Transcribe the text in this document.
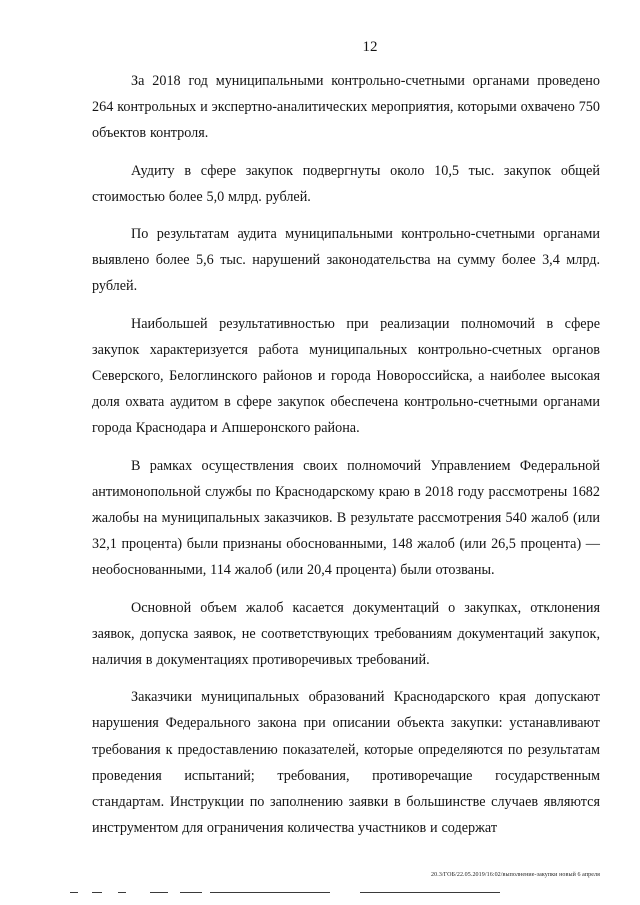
12

За 2018 год муниципальными контрольно-счетными органами проведено 264 контрольных и экспертно-аналитических мероприятия, которыми охвачено 750 объектов контроля.

Аудиту в сфере закупок подвергнуты около 10,5 тыс. закупок общей стоимостью более 5,0 млрд. рублей.

По результатам аудита муниципальными контрольно-счетными органами выявлено более 5,6 тыс. нарушений законодательства на сумму более 3,4 млрд. рублей.

Наибольшей результативностью при реализации полномочий в сфере закупок характеризуется работа муниципальных контрольно-счетных органов Северского, Белоглинского районов и города Новороссийска, а наиболее высокая доля охвата аудитом в сфере закупок обеспечена контрольно-счетными органами города Краснодара и Апшеронского района.

В рамках осуществления своих полномочий Управлением Федеральной антимонопольной службы по Краснодарскому краю в 2018 году рассмотрены 1682 жалобы на муниципальных заказчиков. В результате рассмотрения 540 жалоб (или 32,1 процента) были признаны обоснованными, 148 жалоб (или 26,5 процента) — необоснованными, 114 жалоб (или 20,4 процента) были отозваны.

Основной объем жалоб касается документаций о закупках, отклонения заявок, допуска заявок, не соответствующих требованиям документаций закупок, наличия в документациях противоречивых требований.

Заказчики муниципальных образований Краснодарского края допускают нарушения Федерального закона при описании объекта закупки: устанавливают требования к предоставлению показателей, которые определяются по результатам проведения испытаний; требования, противоречащие государственным стандартам. Инструкции по заполнению заявки в большинстве случаев являются инструментом для ограничения количества участников и содержат

20.3/ГОБ/22.05.2019/16:02/выполнение-закупки новый 6 апреля
